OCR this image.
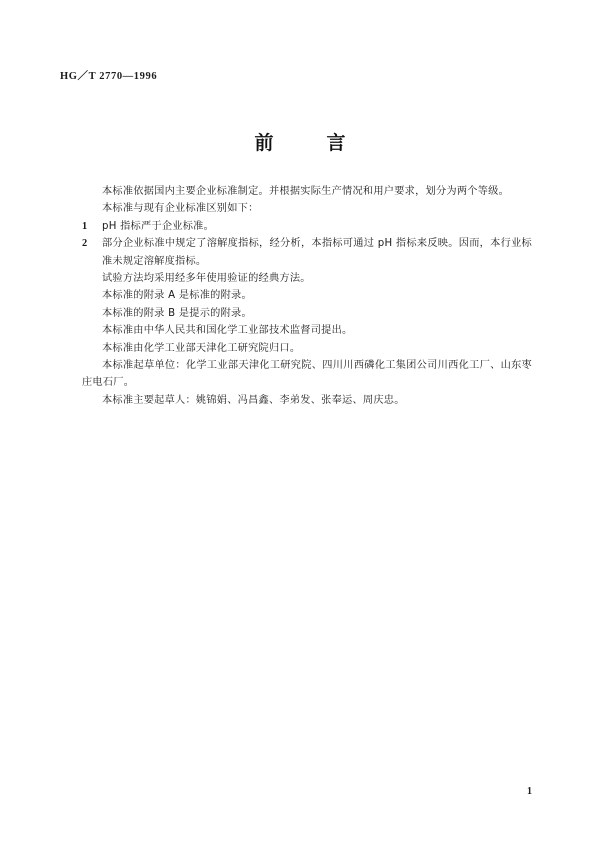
HG／T 2770—1996
前　言
本标准依据国内主要企业标准制定。并根据实际生产情况和用户要求，划分为两个等级。
本标准与现有企业标准区别如下：
1 pH 指标严于企业标准。
2 部分企业标准中规定了溶解度指标，经分析，本指标可通过 pH 指标来反映。因而，本行业标准未规定溶解度指标。
试验方法均采用经多年使用验证的经典方法。
本标准的附录 A 是标准的附录。
本标准的附录 B 是提示的附录。
本标准由中华人民共和国化学工业部技术监督司提出。
本标准由化学工业部天津化工研究院归口。
本标准起草单位：化学工业部天津化工研究院、四川川西磷化工集团公司川西化工厂、山东枣庄电石厂。
本标准主要起草人：姚锦娟、冯昌鑫、李弟发、张奉运、周庆忠。
1
